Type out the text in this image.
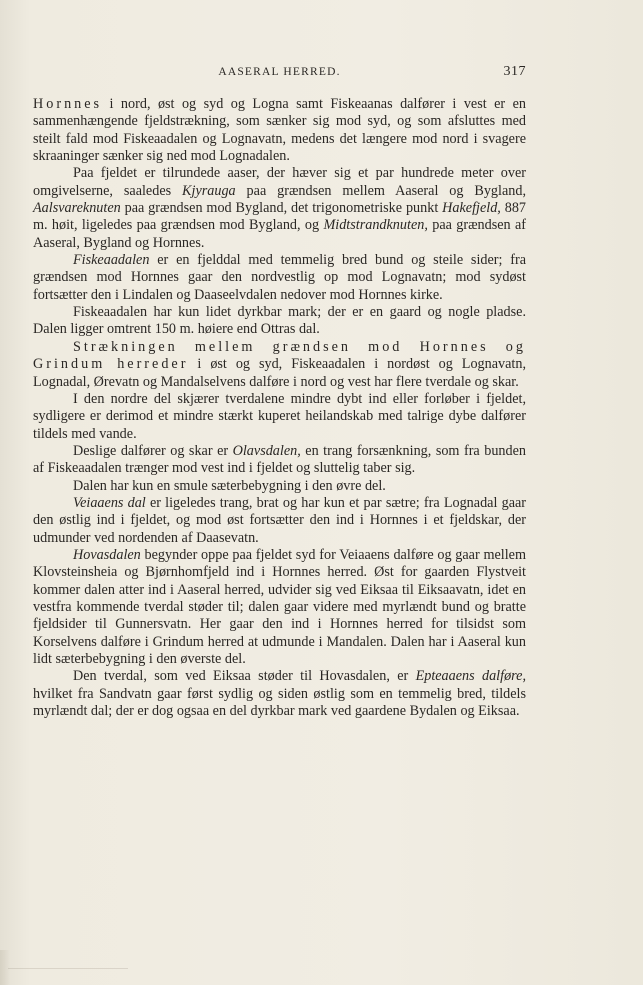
AASERAL HERRED.	317

Hornnes i nord, øst og syd og Logna samt Fiskeaanas dalfører i vest er en sammenhængende fjeldstrækning, som sænker sig mod syd, og som afsluttes med steilt fald mod Fiskeaadalen og Lognavatn, medens det længere mod nord i svagere skraaninger sænker sig ned mod Lognadalen.

Paa fjeldet er tilrundede aaser, der hæver sig et par hundrede meter over omgivelserne, saaledes Kjyrauga paa grændsen mellem Aaseral og Bygland, Aalsvareknuten paa grændsen mod Bygland, det trigonometriske punkt Hakefjeld, 887 m. høit, ligeledes paa grændsen mod Bygland, og Midtstrandknuten, paa grændsen af Aaseral, Bygland og Hornnes.

Fiskeaadalen er en fjelddal med temmelig bred bund og steile sider; fra grændsen mod Hornnes gaar den nordvestlig op mod Lognavatn; mod sydøst fortsætter den i Lindalen og Daaseelvdalen nedover mod Hornnes kirke.

Fiskeaadalen har kun lidet dyrkbar mark; der er en gaard og nogle pladse. Dalen ligger omtrent 150 m. høiere end Ottras dal.

Strækningen mellem grændsen mod Hornnes og Grindum herreder i øst og syd, Fiskeaadalen i nordøst og Lognavatn, Lognadal, Ørevatn og Mandalselvens dalføre i nord og vest har flere tverdale og skar.

I den nordre del skjærer tverdalene mindre dybt ind eller forløber i fjeldet, sydligere er derimod et mindre stærkt kuperet heilandskab med talrige dybe dalfører tildels med vande.

Deslige dalfører og skar er Olavsdalen, en trang forsænkning, som fra bunden af Fiskeaadalen trænger mod vest ind i fjeldet og sluttelig taber sig.

Dalen har kun en smule sæterbebygning i den øvre del.

Veiaaens dal er ligeledes trang, brat og har kun et par sætre; fra Lognadal gaar den østlig ind i fjeldet, og mod øst fortsætter den ind i Hornnes i et fjeldskar, der udmunder ved nordenden af Daasevatn.

Hovasdalen begynder oppe paa fjeldet syd for Veiaaens dalføre og gaar mellem Klovsteinsheia og Bjørnhomfjeld ind i Hornnes herred. Øst for gaarden Flystveit kommer dalen atter ind i Aaseral herred, udvider sig ved Eiksaa til Eiksaavatn, idet en vestfra kommende tverdal støder til; dalen gaar videre med myrlændt bund og bratte fjeldsider til Gunnersvatn. Her gaar den ind i Hornnes herred for tilsidst som Korselvens dalføre i Grindum herred at udmunde i Mandalen. Dalen har i Aaseral kun lidt sæterbebygning i den øverste del.

Den tverdal, som ved Eiksaa støder til Hovasdalen, er Epteaaens dalføre, hvilket fra Sandvatn gaar først sydlig og siden østlig som en temmelig bred, tildels myrlændt dal; der er dog ogsaa en del dyrkbar mark ved gaardene Bydalen og Eiksaa.
